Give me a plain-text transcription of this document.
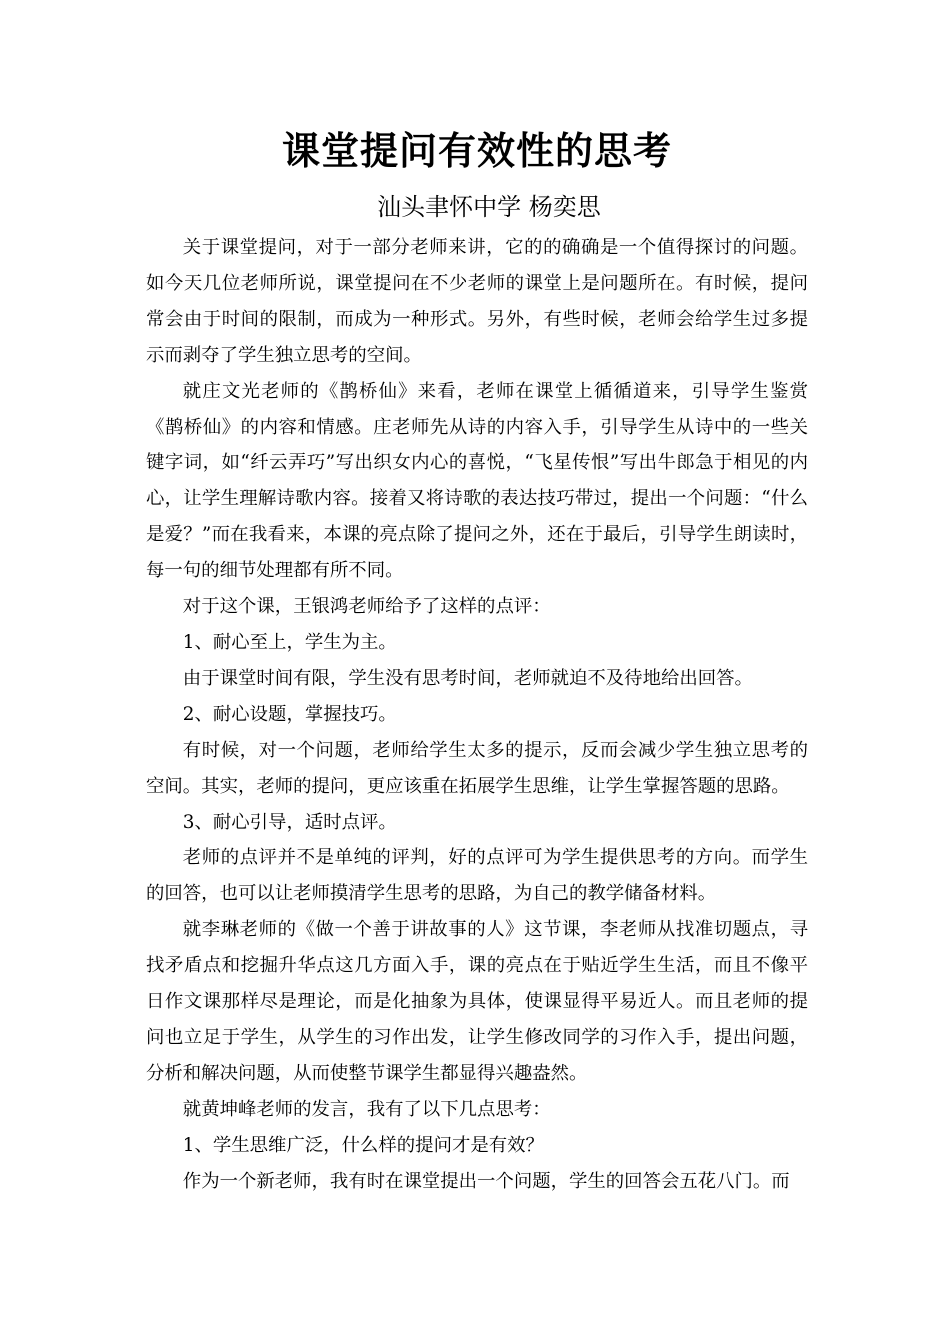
课堂提问有效性的思考
汕头聿怀中学 杨奕思

关于课堂提问，对于一部分老师来讲，它的的确确是一个值得探讨的问题。如今天几位老师所说，课堂提问在不少老师的课堂上是问题所在。有时候，提问常会由于时间的限制，而成为一种形式。另外，有些时候，老师会给学生过多提示而剥夺了学生独立思考的空间。

就庄文光老师的《鹊桥仙》来看，老师在课堂上循循道来，引导学生鉴赏《鹊桥仙》的内容和情感。庄老师先从诗的内容入手，引导学生从诗中的一些关键字词，如“纤云弄巧”写出织女内心的喜悦，“飞星传恨”写出牛郎急于相见的内心，让学生理解诗歌内容。接着又将诗歌的表达技巧带过，提出一个问题：“什么是爱？”而在我看来，本课的亮点除了提问之外，还在于最后，引导学生朗读时，每一句的细节处理都有所不同。

对于这个课，王银鸿老师给予了这样的点评：

1、耐心至上，学生为主。

由于课堂时间有限，学生没有思考时间，老师就迫不及待地给出回答。

2、耐心设题，掌握技巧。

有时候，对一个问题，老师给学生太多的提示，反而会减少学生独立思考的空间。其实，老师的提问，更应该重在拓展学生思维，让学生掌握答题的思路。

3、耐心引导，适时点评。

老师的点评并不是单纯的评判，好的点评可为学生提供思考的方向。而学生的回答，也可以让老师摸清学生思考的思路，为自己的教学储备材料。

就李琳老师的《做一个善于讲故事的人》这节课，李老师从找准切题点，寻找矛盾点和挖掘升华点这几方面入手，课的亮点在于贴近学生生活，而且不像平日作文课那样尽是理论，而是化抽象为具体，使课显得平易近人。而且老师的提问也立足于学生，从学生的习作出发，让学生修改同学的习作入手，提出问题，分析和解决问题，从而使整节课学生都显得兴趣盎然。

就黄坤峰老师的发言，我有了以下几点思考：

1、学生思维广泛，什么样的提问才是有效？

作为一个新老师，我有时在课堂提出一个问题，学生的回答会五花八门。而
